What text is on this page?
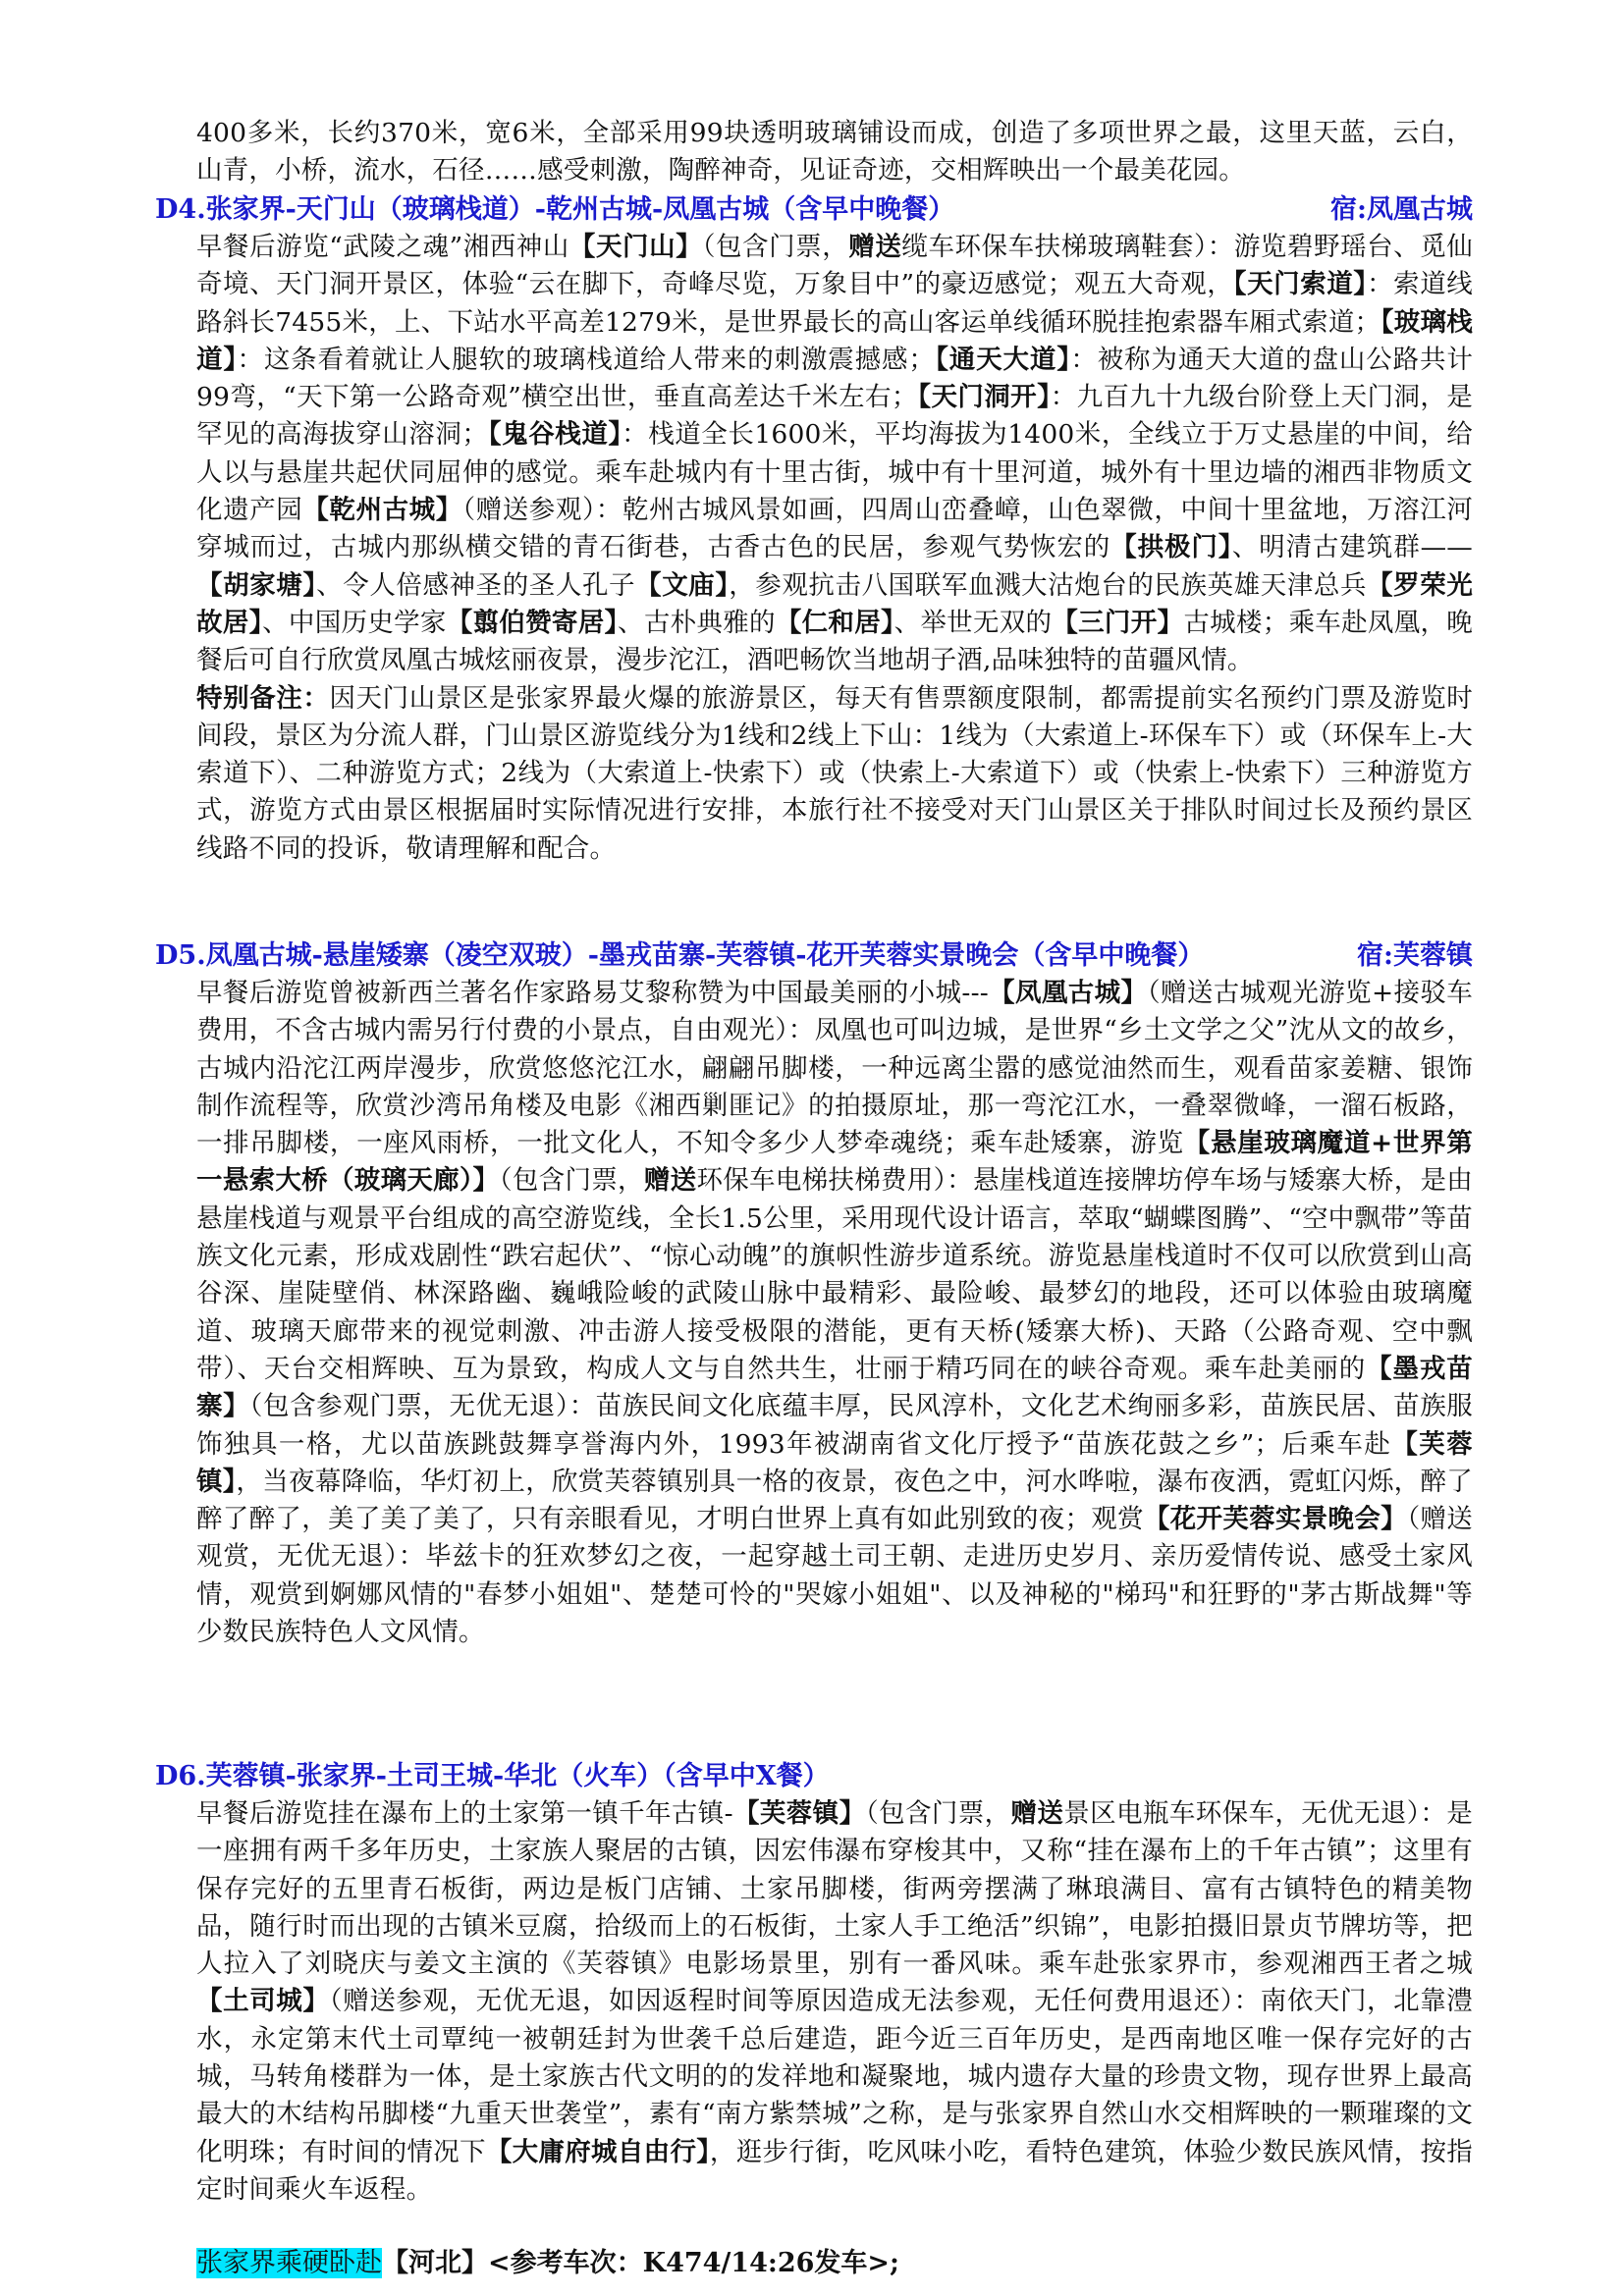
400多米，长约370米，宽6米，全部采用99块透明玻璃铺设而成，创造了多项世界之最，这里天蓝，云白，山青，小桥，流水，石径……感受刺激，陶醉神奇，见证奇迹，交相辉映出一个最美花园。

D4.张家界-天门山（玻璃栈道）-乾州古城-凤凰古城（含早中晚餐）	宿:凤凰古城

早餐后游览“武陵之魂”湘西神山【天门山】（包含门票，赠送缆车环保车扶梯玻璃鞋套）：游览碧野瑶台、觅仙奇境、天门洞开景区，体验“云在脚下，奇峰尽览，万象目中”的豪迈感觉；观五大奇观，【天门索道】：索道线路斜长7455米，上、下站水平高差1279米，是世界最长的高山客运单线循环脱挂抱索器车厢式索道；【玻璃栈道】：这条看着就让人腿软的玻璃栈道给人带来的刺激震撼感；【通天大道】：被称为通天大道的盘山公路共计99弯，“天下第一公路奇观”横空出世，垂直高差达千米左右；【天门洞开】：九百九十九级台阶登上天门洞，是罕见的高海拔穿山溶洞；【鬼谷栈道】：栈道全长1600米，平均海拔为1400米，全线立于万丈悬崖的中间，给人以与悬崖共起伏同屈伸的感觉。乘车赴城内有十里古街，城中有十里河道，城外有十里边墙的湘西非物质文化遗产园【乾州古城】（赠送参观）：乾州古城风景如画，四周山峦叠嶂，山色翠微，中间十里盆地，万溶江河穿城而过，古城内那纵横交错的青石街巷，古香古色的民居，参观气势恢宏的【拱极门】、明清古建筑群——【胡家塘】、令人倍感神圣的圣人孔子【文庙】，参观抗击八国联军血溅大沽炮台的民族英雄天津总兵【罗荣光故居】、中国历史学家【翦伯赞寄居】、古朴典雅的【仁和居】、举世无双的【三门开】古城楼；乘车赴凤凰，晚餐后可自行欣赏凤凰古城炫丽夜景，漫步沱江，酒吧畅饮当地胡子酒,品味独特的苗疆风情。
特别备注：因天门山景区是张家界最火爆的旅游景区，每天有售票额度限制，都需提前实名预约门票及游览时间段，景区为分流人群，门山景区游览线分为1线和2线上下山：1线为（大索道上-环保车下）或（环保车上-大索道下）、二种游览方式；2线为（大索道上-快索下）或（快索上-大索道下）或（快索上-快索下）三种游览方式，游览方式由景区根据届时实际情况进行安排，本旅行社不接受对天门山景区关于排队时间过长及预约景区线路不同的投诉，敬请理解和配合。

D5.凤凰古城-悬崖矮寨（凌空双玻）-墨戎苗寨-芙蓉镇-花开芙蓉实景晚会（含早中晚餐）	宿:芙蓉镇

早餐后游览曾被新西兰著名作家路易艾黎称赞为中国最美丽的小城---【凤凰古城】（赠送古城观光游览+接驳车费用，不含古城内需另行付费的小景点，自由观光）：凤凰也可叫边城，是世界“乡土文学之父”沈从文的故乡，古城内沿沱江两岸漫步，欣赏悠悠沱江水，翩翩吊脚楼，一种远离尘嚣的感觉油然而生，观看苗家姜糖、银饰制作流程等，欣赏沙湾吊角楼及电影《湘西剿匪记》的拍摄原址，那一弯沱江水，一叠翠微峰，一溜石板路，一排吊脚楼，一座风雨桥，一批文化人，不知令多少人梦牵魂绕；乘车赴矮寨，游览【悬崖玻璃魔道+世界第一悬索大桥（玻璃天廊）】（包含门票，赠送环保车电梯扶梯费用）：悬崖栈道连接牌坊停车场与矮寨大桥，是由悬崖栈道与观景平台组成的高空游览线，全长1.5公里，采用现代设计语言，萃取“蝴蝶图腾”、“空中飘带”等苗族文化元素，形成戏剧性“跌宕起伏”、“惊心动魄”的旗帜性游步道系统。游览悬崖栈道时不仅可以欣赏到山高谷深、崖陡壁俏、林深路幽、巍峨险峻的武陵山脉中最精彩、最险峻、最梦幻的地段，还可以体验由玻璃魔道、玻璃天廊带来的视觉刺激、冲击游人接受极限的潜能，更有天桥(矮寨大桥)、天路（公路奇观、空中飘带）、天台交相辉映、互为景致，构成人文与自然共生，壮丽于精巧同在的峡谷奇观。乘车赴美丽的【墨戎苗寨】（包含参观门票，无优无退）：苗族民间文化底蕴丰厚，民风淳朴，文化艺术绚丽多彩，苗族民居、苗族服饰独具一格，尤以苗族跳鼓舞享誉海内外，1993年被湖南省文化厅授予“苗族花鼓之乡”；后乘车赴【芙蓉镇】，当夜幕降临，华灯初上，欣赏芙蓉镇别具一格的夜景，夜色之中，河水哗啦，瀑布夜洒，霓虹闪烁，醉了醉了醉了，美了美了美了，只有亲眼看见，才明白世界上真有如此别致的夜；观赏【花开芙蓉实景晚会】（赠送观赏，无优无退）：毕兹卡的狂欢梦幻之夜，一起穿越土司王朝、走进历史岁月、亲历爱情传说、感受土家风情，观赏到婀娜风情的"春梦小姐姐"、楚楚可怜的"哭嫁小姐姐"、以及神秘的"梯玛"和狂野的"茅古斯战舞"等少数民族特色人文风情。

D6.芙蓉镇-张家界-土司王城-华北（火车）（含早中X餐）

早餐后游览挂在瀑布上的土家第一镇千年古镇-【芙蓉镇】（包含门票，赠送景区电瓶车环保车，无优无退）：是一座拥有两千多年历史，土家族人聚居的古镇，因宏伟瀑布穿梭其中，又称“挂在瀑布上的千年古镇”；这里有保存完好的五里青石板街，两边是板门店铺、土家吊脚楼，街两旁摆满了琳琅满目、富有古镇特色的精美物品，随行时而出现的古镇米豆腐，拾级而上的石板街，土家人手工绝活”织锦”，电影拍摄旧景贞节牌坊等，把人拉入了刘晓庆与姜文主演的《芙蓉镇》电影场景里，别有一番风味。乘车赴张家界市，参观湘西王者之城【土司城】（赠送参观，无优无退，如因返程时间等原因造成无法参观，无任何费用退还）：南依天门，北靠澧水，永定第末代土司覃纯一被朝廷封为世袭千总后建造，距今近三百年历史，是西南地区唯一保存完好的古城，马转角楼群为一体，是土家族古代文明的的发祥地和凝聚地，城内遗存大量的珍贵文物，现存世界上最高最大的木结构吊脚楼“九重天世袭堂”，素有“南方紫禁城”之称，是与张家界自然山水交相辉映的一颗璀璨的文化明珠；有时间的情况下【大庸府城自由行】，逛步行街，吃风味小吃，看特色建筑，体验少数民族风情，按指定时间乘火车返程。

张家界乘硬卧赴【河北】<参考车次：K474/14:26发车>;
